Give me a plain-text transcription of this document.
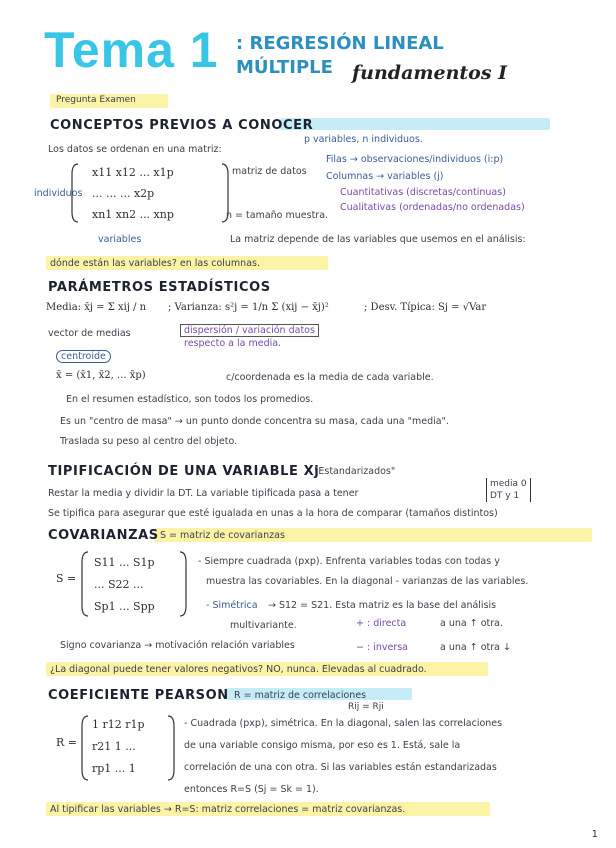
Tema 1 : REGRESIÓN LINEAL
MÚLTIPLE fundamentos I
Pregunta Examen
CONCEPTOS PREVIOS A CONOCER
Los datos se ordenan en una matriz:
p variables, n individuos.
individuos
x11 x12 ... x1p
... ... ... x2p
xn1 xn2 ... xnp
variables
matriz de datos
Filas → observaciones/individuos (i:p)
Columnas → variables (j)
Cuantitativas (discretas/continuas)
Cualitativas (ordenadas/no ordenadas)
n = tamaño muestra.
La matriz depende de las variables que usemos en el análisis:
dónde están las variables? en las columnas.
PARÁMETROS ESTADÍSTICOS
Media: x̄j = Σ xij / n ; Varianza: s²j = 1/n Σ (xij − x̄j)²	; Desv. Típica: Sj = √Var
vector de medias	dispersión / variación datos
respecto a la media.
centroide
x̄ = (x̄1, x̄2, ... x̄p)	c/coordenada es la media de cada variable.
En el resumen estadístico, son todos los promedios.
Es un "centro de masa" → un punto donde concentra su masa, cada una "media".
Traslada su peso al centro del objeto.
TIPIFICACIÓN DE UNA VARIABLE Xj
"Estandarizados"
Restar la media y dividir la DT. La variable tipificada pasa a tener
media 0
DT y 1
Se tipifica para asegurar que esté igualada en unas a la hora de comparar (tamaños distintos)
COVARIANZAS S = matriz de covarianzas
S =
S11 ... S1p
... S22 ...
Sp1 ... Spp
- Siempre cuadrada (pxp). Enfrenta variables todas con todas y
muestra las covariables. En la diagonal - varianzas de las variables.
- Simétrica → S12 = S21. Esta matriz es la base del análisis
multivariante.
Signo covarianza → motivación relación variables
+ : directa	a una ↑ otra.
− : inversa	a una ↑ otra ↓
¿La diagonal puede tener valores negativos? NO, nunca. Elevadas al cuadrado.
COEFICIENTE PEARSON R = matriz de correlaciones
Rij = Rji
R =
1 r12 r1p
r21 1 ...
rp1 ... 1
- Cuadrada (pxp), simétrica. En la diagonal, salen las correlaciones
de una variable consigo misma, por eso es 1. Está, sale la
correlación de una con otra. Si las variables están estandarizadas
entonces R=S (Sj = Sk = 1).
Al tipificar las variables → R=S: matriz correlaciones = matriz covarianzas.
1
